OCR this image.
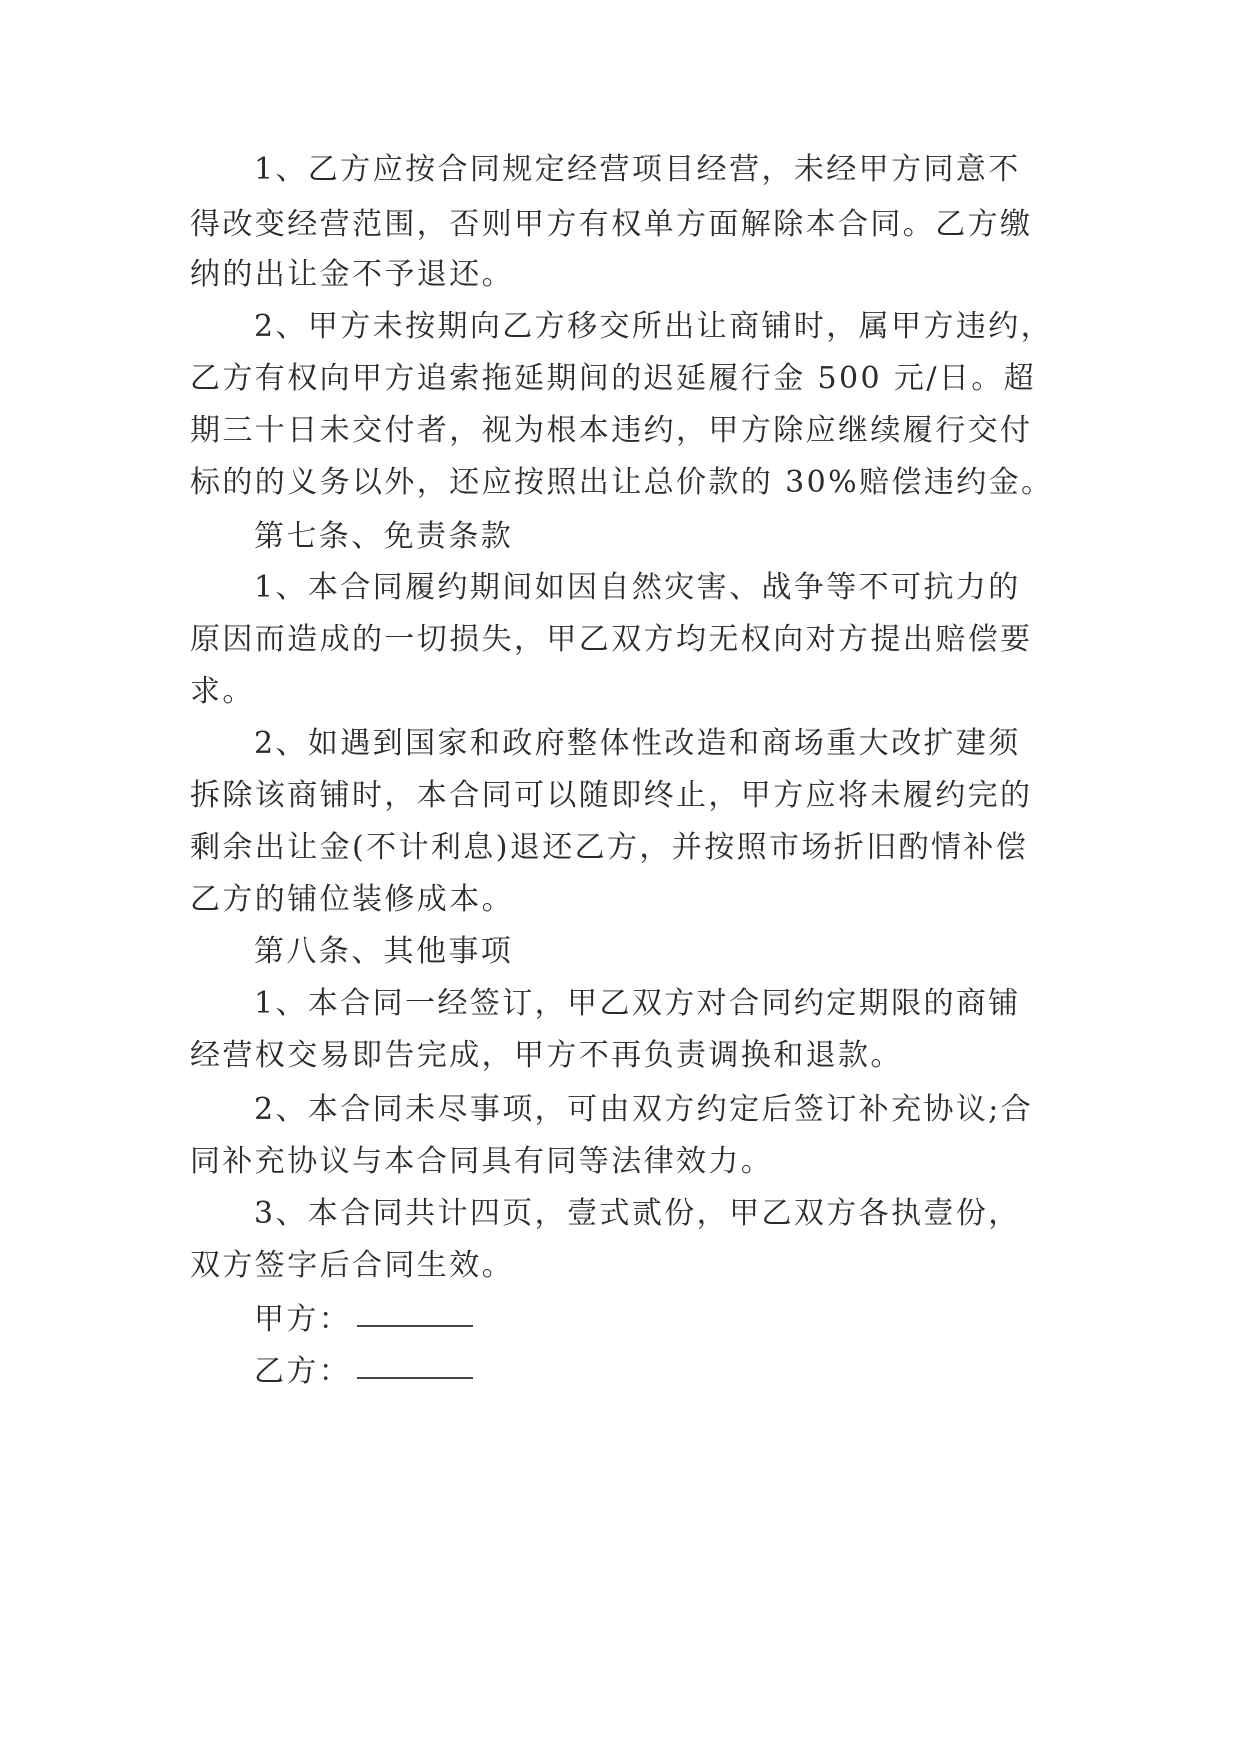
1、乙方应按合同规定经营项目经营，未经甲方同意不
得改变经营范围，否则甲方有权单方面解除本合同。乙方缴
纳的出让金不予退还。
2、甲方未按期向乙方移交所出让商铺时，属甲方违约，
乙方有权向甲方追索拖延期间的迟延履行金 500 元/日。超
期三十日未交付者，视为根本违约，甲方除应继续履行交付
标的的义务以外，还应按照出让总价款的 30%赔偿违约金。
第七条、免责条款
1、本合同履约期间如因自然灾害、战争等不可抗力的
原因而造成的一切损失，甲乙双方均无权向对方提出赔偿要
求。
2、如遇到国家和政府整体性改造和商场重大改扩建须
拆除该商铺时，本合同可以随即终止，甲方应将未履约完的
剩余出让金(不计利息)退还乙方，并按照市场折旧酌情补偿
乙方的铺位装修成本。
第八条、其他事项
1、本合同一经签订，甲乙双方对合同约定期限的商铺
经营权交易即告完成，甲方不再负责调换和退款。
2、本合同未尽事项，可由双方约定后签订补充协议;合
同补充协议与本合同具有同等法律效力。
3、本合同共计四页，壹式贰份，甲乙双方各执壹份，
双方签字后合同生效。
甲方：
乙方：
